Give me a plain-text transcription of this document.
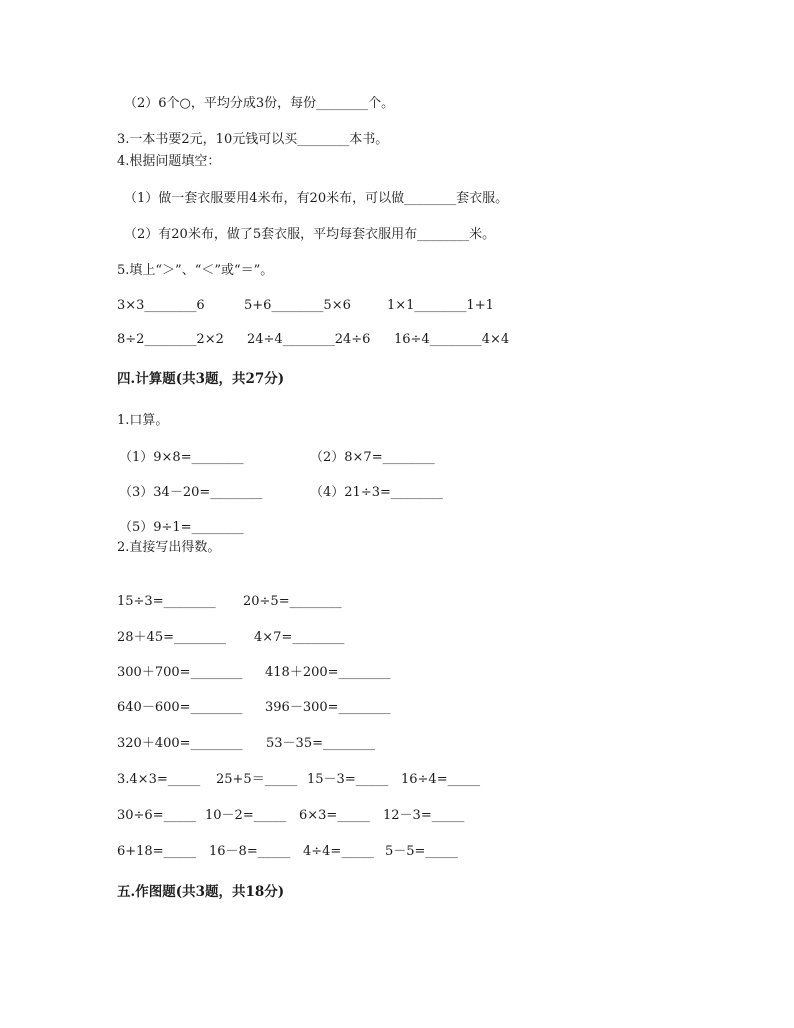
（2）6个○，平均分成3份，每份________个。
3.一本书要2元，10元钱可以买________本书。
4.根据问题填空：
（1）做一套衣服要用4米布，有20米布，可以做________套衣服。
（2）有20米布，做了5套衣服，平均每套衣服用布________米。
5.填上“＞”、“＜”或“＝”。
3×3________6	5+6________5×6	1×1________1+1
8÷2________2×2 24÷4________24÷6 16÷4________4×4
四.计算题(共3题，共27分)
1.口算。
（1）9×8=________	（2）8×7=________
（3）34－20=________	（4）21÷3=________
（5）9÷1=________
2.直接写出得数。
15÷3=________ 20÷5=________
28＋45=________ 4×7=________
300＋700=________ 418＋200=________
640－600=________ 396－300=________
320＋400=________ 53－35=________
3.4×3=_____ 25+5＝_____ 15－3=_____ 16÷4=_____
30÷6=_____ 10－2=_____ 6×3=_____ 12－3=_____
6+18=_____ 16－8=_____ 4÷4=_____ 5－5=_____
五.作图题(共3题，共18分)
